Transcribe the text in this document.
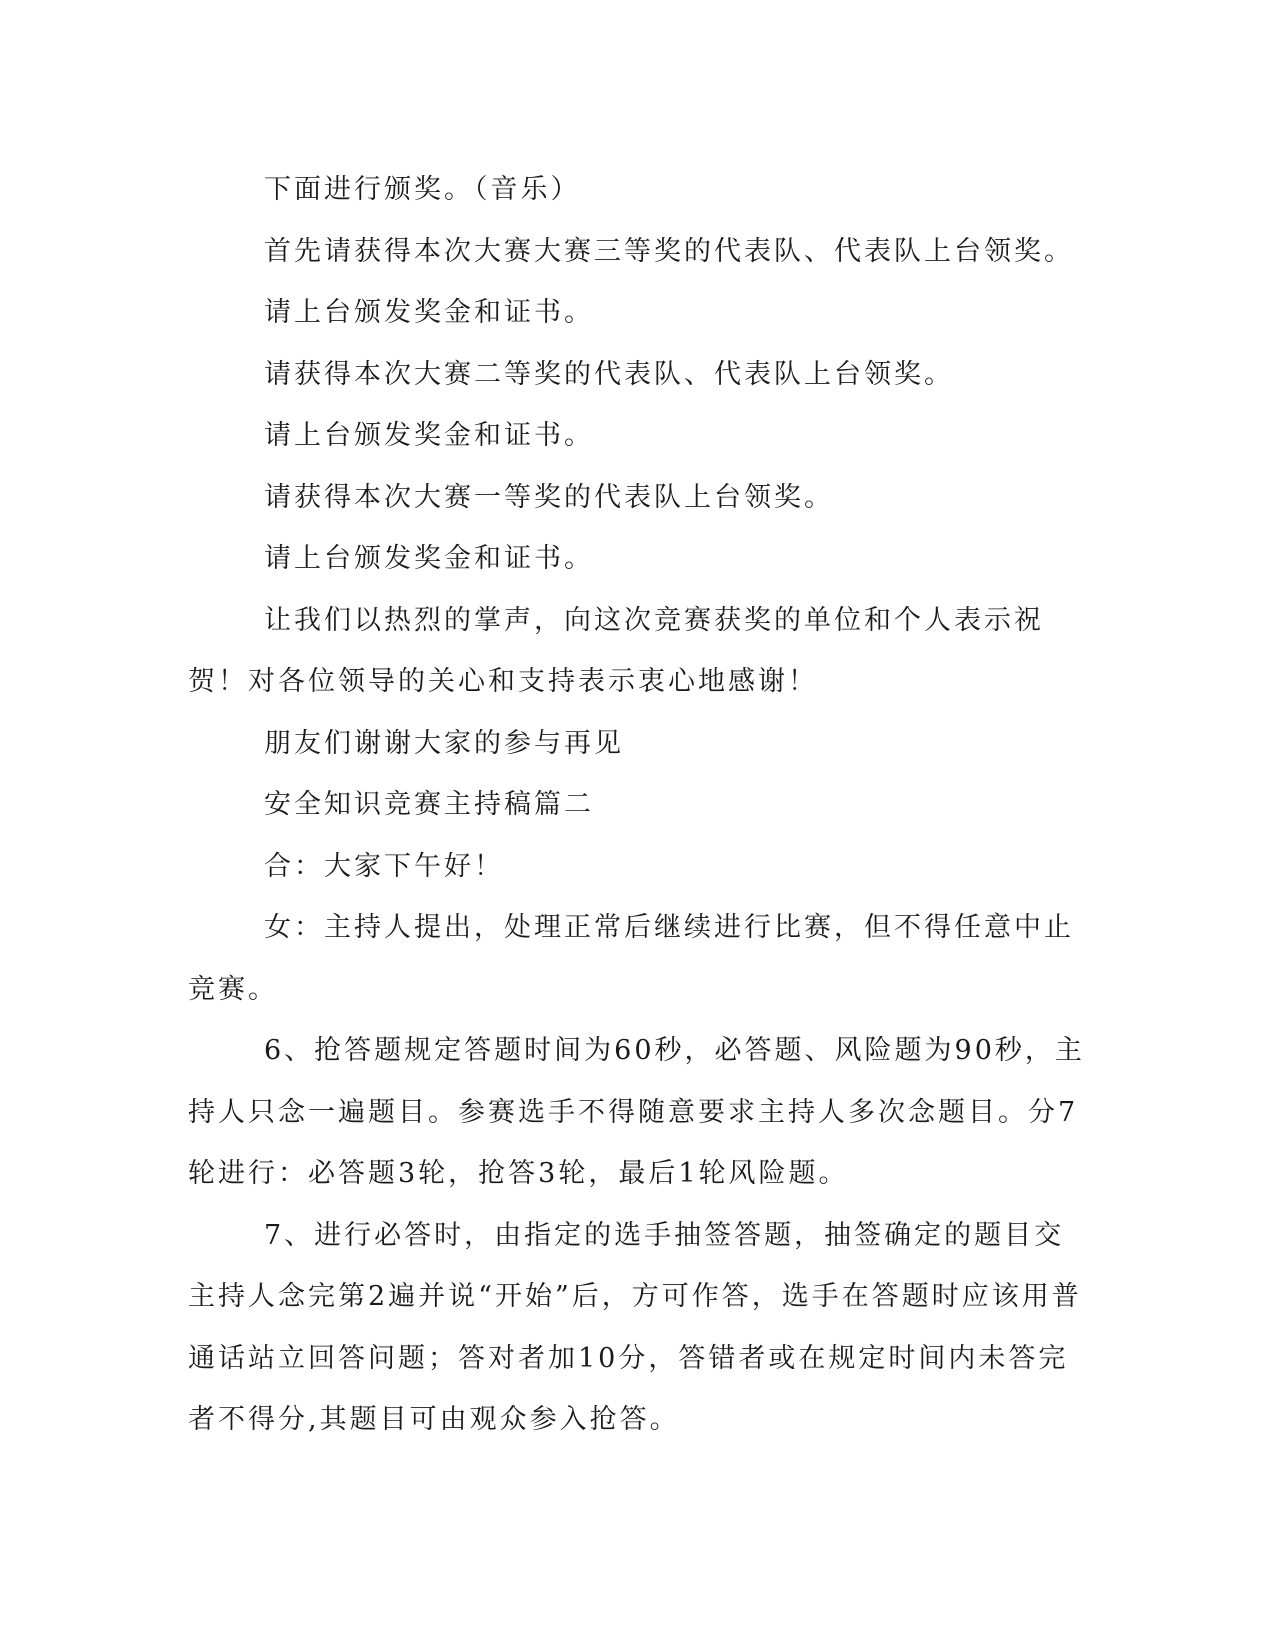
下面进行颁奖。（音乐）

首先请获得本次大赛大赛三等奖的代表队、代表队上台领奖。

请上台颁发奖金和证书。

请获得本次大赛二等奖的代表队、代表队上台领奖。

请上台颁发奖金和证书。

请获得本次大赛一等奖的代表队上台领奖。

请上台颁发奖金和证书。

让我们以热烈的掌声，向这次竞赛获奖的单位和个人表示祝贺！对各位领导的关心和支持表示衷心地感谢！

朋友们谢谢大家的参与再见

安全知识竞赛主持稿篇二

合：大家下午好！

女：主持人提出，处理正常后继续进行比赛，但不得任意中止竞赛。

6、抢答题规定答题时间为60秒，必答题、风险题为90秒，主持人只念一遍题目。参赛选手不得随意要求主持人多次念题目。分7轮进行：必答题3轮，抢答3轮，最后1轮风险题。

7、进行必答时，由指定的选手抽签答题，抽签确定的题目交主持人念完第2遍并说“开始”后，方可作答，选手在答题时应该用普通话站立回答问题；答对者加10分，答错者或在规定时间内未答完者不得分,其题目可由观众参入抢答。
